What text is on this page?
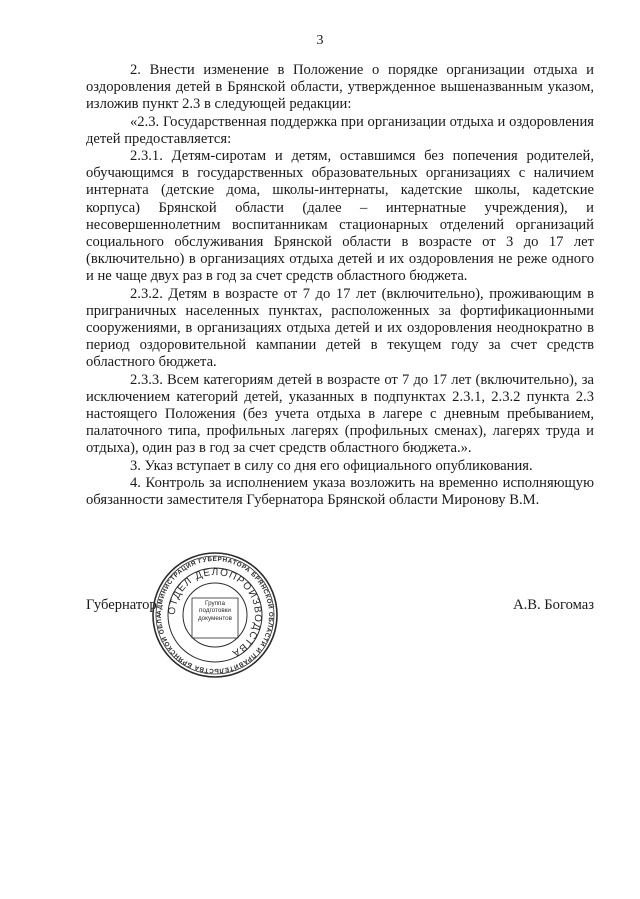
3

2. Внести изменение в Положение о порядке организации отдыха и оздоровления детей в Брянской области, утвержденное вышеназванным указом, изложив пункт 2.3 в следующей редакции:

«2.3. Государственная поддержка при организации отдыха и оздоровления детей предоставляется:

2.3.1. Детям-сиротам и детям, оставшимся без попечения родителей, обучающимся в государственных образовательных организациях с наличием интерната (детские дома, школы-интернаты, кадетские школы, кадетские корпуса) Брянской области (далее – интернатные учреждения), и несовершеннолетним воспитанникам стационарных отделений организаций социального обслуживания Брянской области в возрасте от 3 до 17 лет (включительно) в организациях отдыха детей и их оздоровления не реже одного и не чаще двух раз в год за счет средств областного бюджета.

2.3.2. Детям в возрасте от 7 до 17 лет (включительно), проживающим в приграничных населенных пунктах, расположенных за фортификационными сооружениями, в организациях отдыха детей и их оздоровления неоднократно в период оздоровительной кампании детей в текущем году за счет средств областного бюджета.

2.3.3. Всем категориям детей в возрасте от 7 до 17 лет (включительно), за исключением категорий детей, указанных в подпунктах 2.3.1, 2.3.2 пункта 2.3 настоящего Положения (без учета отдыха в лагере с дневным пребыванием, палаточного типа, профильных лагерях (профильных сменах), лагерях труда и отдыха), один раз в год за счет средств областного бюджета.».

3. Указ вступает в силу со дня его официального опубликования.

4. Контроль за исполнением указа возложить на временно исполняющую обязанности заместителя Губернатора Брянской области Миронову В.М.

Губернатор	А.В. Богомаз
АДМИНИСТРАЦИЯ ГУБЕРНАТОРА БРЯНСКОЙ ОБЛАСТИ И ПРАВИТЕЛЬСТВА БРЯНСКОЙ ОБЛА
ОТДЕЛ ДЕЛОПРОИЗВОДСТВА
Группа подготовки документов
